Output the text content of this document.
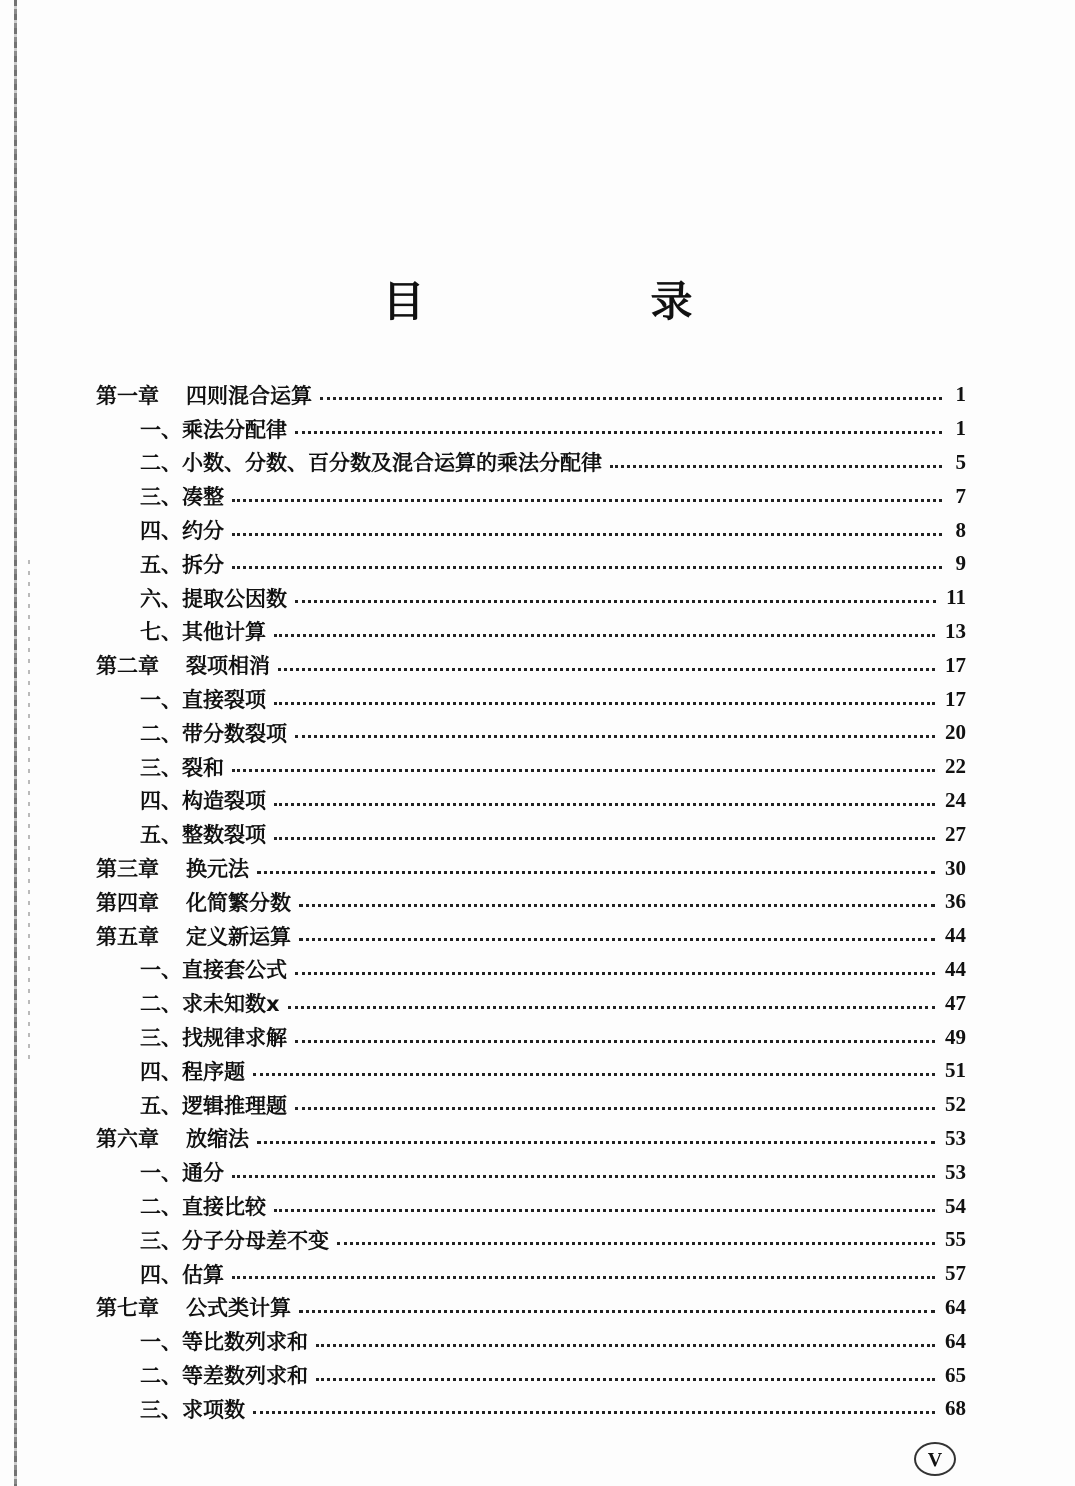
目　录
第一章	四则混合运算	1
一、乘法分配律	1
二、小数、分数、百分数及混合运算的乘法分配律	5
三、凑整	7
四、约分	8
五、拆分	9
六、提取公因数	11
七、其他计算	13
第二章	裂项相消	17
一、直接裂项	17
二、带分数裂项	20
三、裂和	22
四、构造裂项	24
五、整数裂项	27
第三章	换元法	30
第四章	化简繁分数	36
第五章	定义新运算	44
一、直接套公式	44
二、求未知数x	47
三、找规律求解	49
四、程序题	51
五、逻辑推理题	52
第六章	放缩法	53
一、通分	53
二、直接比较	54
三、分子分母差不变	55
四、估算	57
第七章	公式类计算	64
一、等比数列求和	64
二、等差数列求和	65
三、求项数	68
V
